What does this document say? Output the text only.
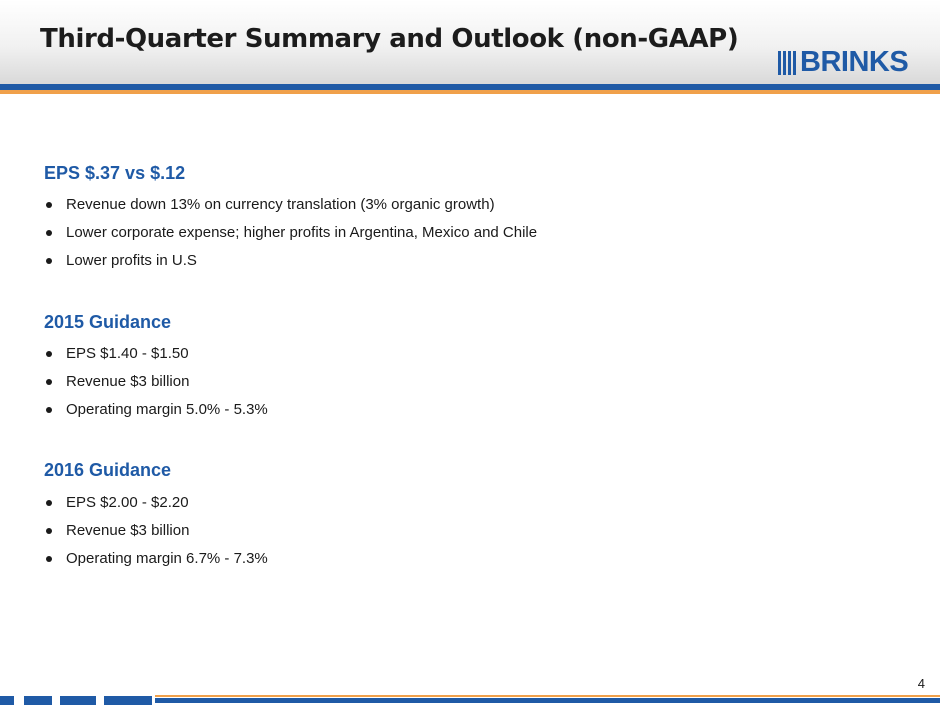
Third-Quarter Summary and Outlook (non-GAAP)
BRINKS
EPS $.37 vs $.12
Revenue down 13% on currency translation (3% organic growth)
Lower corporate expense; higher profits in Argentina, Mexico and Chile
Lower profits in U.S
2015 Guidance
EPS $1.40 - $1.50
Revenue $3 billion
Operating margin 5.0% - 5.3%
2016 Guidance
EPS $2.00 - $2.20
Revenue $3 billion
Operating margin 6.7% - 7.3%
4
